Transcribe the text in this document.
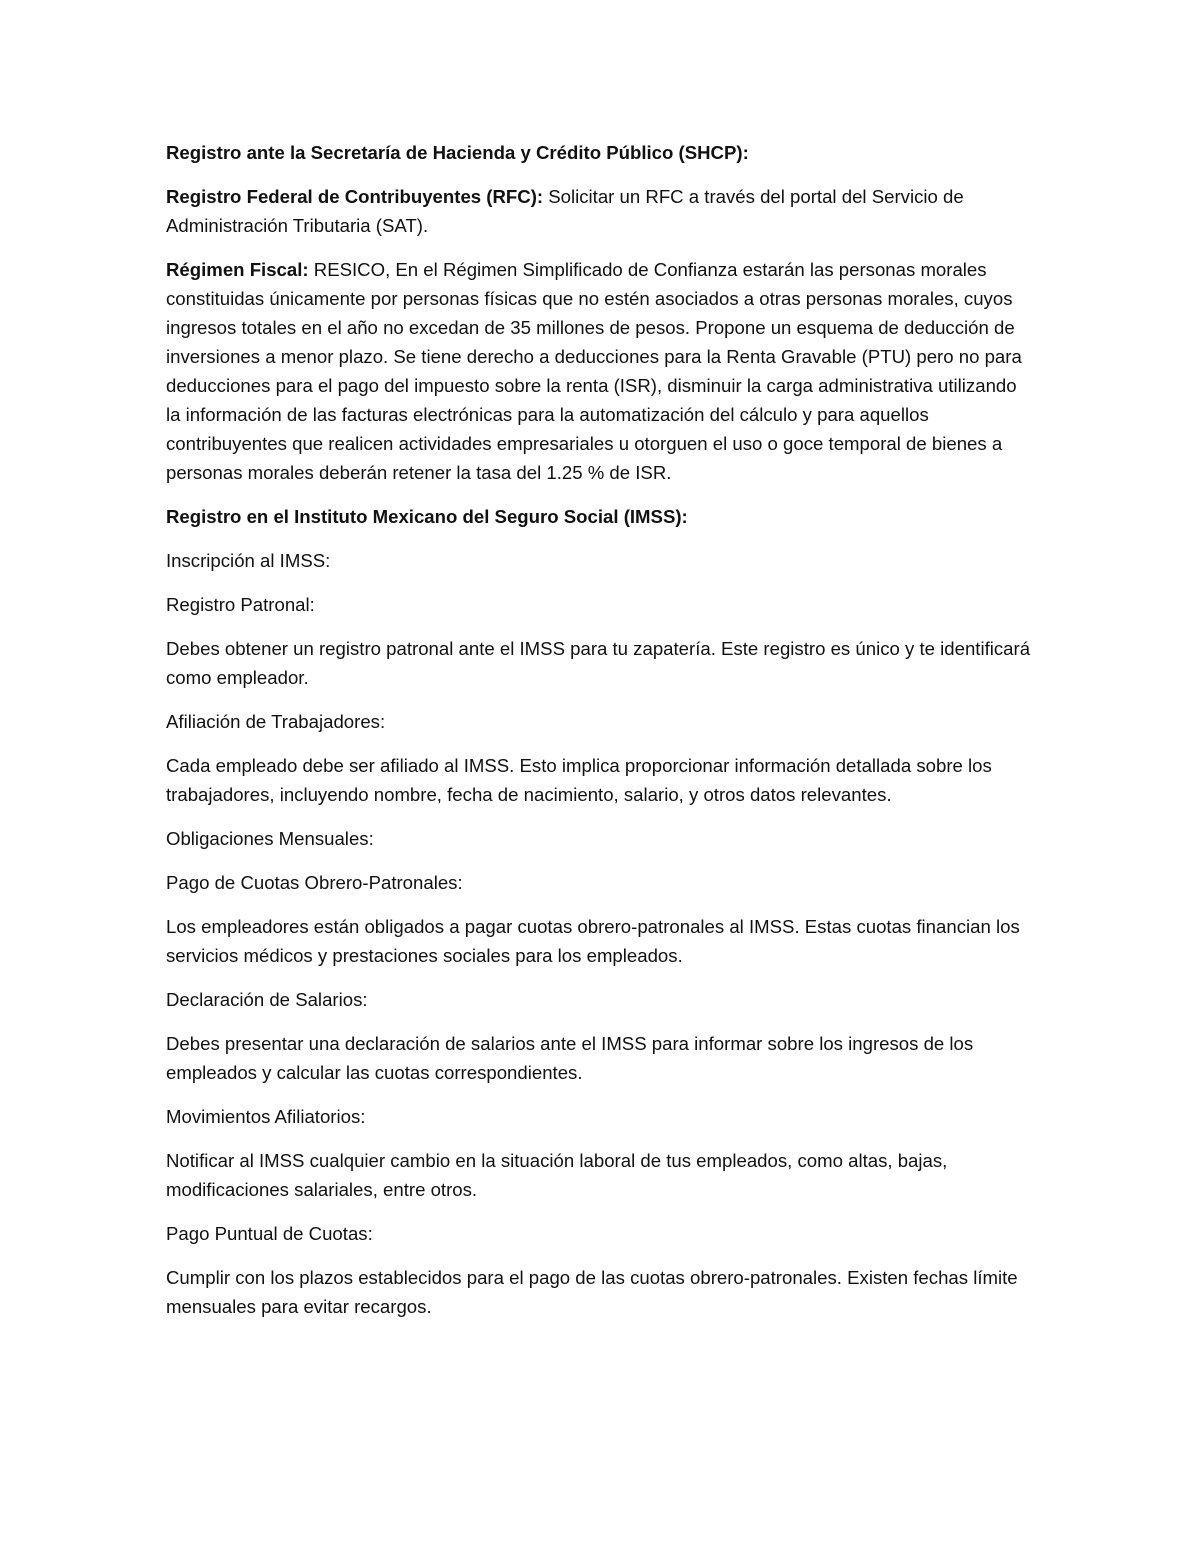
Registro ante la Secretaría de Hacienda y Crédito Público (SHCP):

Registro Federal de Contribuyentes (RFC): Solicitar un RFC a través del portal del Servicio de Administración Tributaria (SAT).

Régimen Fiscal: RESICO, En el Régimen Simplificado de Confianza estarán las personas morales constituidas únicamente por personas físicas que no estén asociados a otras personas morales, cuyos ingresos totales en el año no excedan de 35 millones de pesos. Propone un esquema de deducción de inversiones a menor plazo. Se tiene derecho a deducciones para la Renta Gravable (PTU) pero no para deducciones para el pago del impuesto sobre la renta (ISR), disminuir la carga administrativa utilizando la información de las facturas electrónicas para la automatización del cálculo y para aquellos contribuyentes que realicen actividades empresariales u otorguen el uso o goce temporal de bienes a personas morales deberán retener la tasa del 1.25 % de ISR.

Registro en el Instituto Mexicano del Seguro Social (IMSS):

Inscripción al IMSS:

Registro Patronal:

Debes obtener un registro patronal ante el IMSS para tu zapatería. Este registro es único y te identificará como empleador.

Afiliación de Trabajadores:

Cada empleado debe ser afiliado al IMSS. Esto implica proporcionar información detallada sobre los trabajadores, incluyendo nombre, fecha de nacimiento, salario, y otros datos relevantes.

Obligaciones Mensuales:

Pago de Cuotas Obrero-Patronales:

Los empleadores están obligados a pagar cuotas obrero-patronales al IMSS. Estas cuotas financian los servicios médicos y prestaciones sociales para los empleados.

Declaración de Salarios:

Debes presentar una declaración de salarios ante el IMSS para informar sobre los ingresos de los empleados y calcular las cuotas correspondientes.

Movimientos Afiliatorios:

Notificar al IMSS cualquier cambio en la situación laboral de tus empleados, como altas, bajas, modificaciones salariales, entre otros.

Pago Puntual de Cuotas:

Cumplir con los plazos establecidos para el pago de las cuotas obrero-patronales. Existen fechas límite mensuales para evitar recargos.
